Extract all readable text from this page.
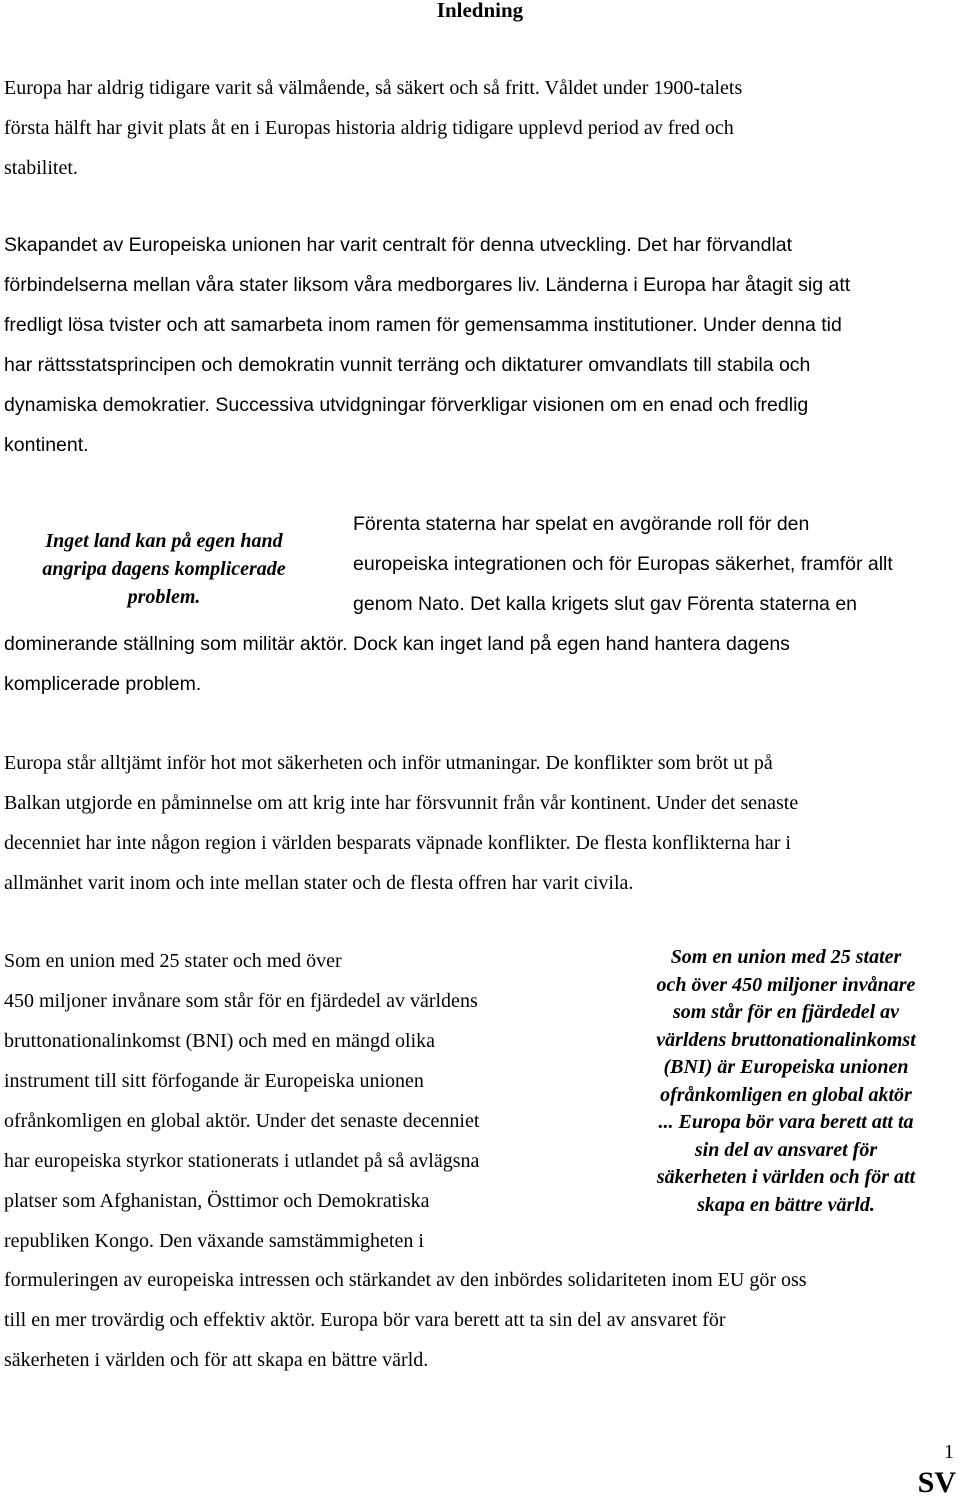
Inledning
Europa har aldrig tidigare varit så välmående, så säkert och så fritt. Våldet under 1900-talets
första hälft har givit plats åt en i Europas historia aldrig tidigare upplevd period av fred och
stabilitet.
Skapandet av Europeiska unionen har varit centralt för denna utveckling. Det har förvandlat
förbindelserna mellan våra stater liksom våra medborgares liv. Länderna i Europa har åtagit sig att
fredligt lösa tvister och att samarbeta inom ramen för gemensamma institutioner. Under denna tid
har rättsstatsprincipen och demokratin vunnit terräng och diktaturer omvandlats till stabila och
dynamiska demokratier. Successiva utvidgningar förverkligar visionen om en enad och fredlig
kontinent.
Inget land kan på egen hand
angripa dagens komplicerade
problem.
Förenta staterna har spelat en avgörande roll för den
europeiska integrationen och för Europas säkerhet, framför allt
genom Nato. Det kalla krigets slut gav Förenta staterna en
dominerande ställning som militär aktör. Dock kan inget land på egen hand hantera dagens
komplicerade problem.
Europa står alltjämt inför hot mot säkerheten och inför utmaningar. De konflikter som bröt ut på
Balkan utgjorde en påminnelse om att krig inte har försvunnit från vår kontinent. Under det senaste
decenniet har inte någon region i världen besparats väpnade konflikter. De flesta konflikterna har i
allmänhet varit inom och inte mellan stater och de flesta offren har varit civila.
Som en union med 25 stater och med över
450 miljoner invånare som står för en fjärdedel av världens
bruttonationalinkomst (BNI) och med en mängd olika
instrument till sitt förfogande är Europeiska unionen
ofrånkomligen en global aktör. Under det senaste decenniet
har europeiska styrkor stationerats i utlandet på så avlägsna
platser som Afghanistan, Östtimor och Demokratiska
republiken Kongo. Den växande samstämmigheten i
formuleringen av europeiska intressen och stärkandet av den inbördes solidariteten inom EU gör oss
till en mer trovärdig och effektiv aktör. Europa bör vara berett att ta sin del av ansvaret för
säkerheten i världen och för att skapa en bättre värld.
Som en union med 25 stater
och över 450 miljoner invånare
som står för en fjärdedel av
världens bruttonationalinkomst
(BNI) är Europeiska unionen
ofrånkomligen en global aktör
... Europa bör vara berett att ta
sin del av ansvaret för
säkerheten i världen och för att
skapa en bättre värld.
1
SV
